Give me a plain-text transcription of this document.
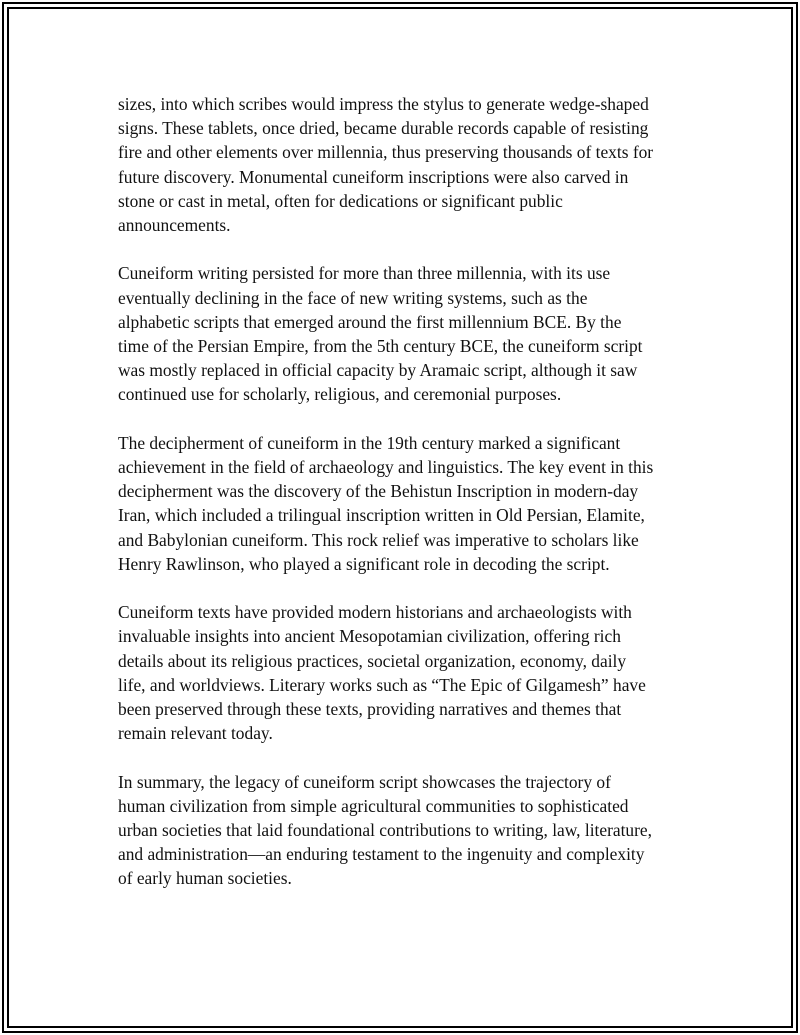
sizes, into which scribes would impress the stylus to generate wedge-shaped
signs. These tablets, once dried, became durable records capable of resisting
fire and other elements over millennia, thus preserving thousands of texts for
future discovery. Monumental cuneiform inscriptions were also carved in
stone or cast in metal, often for dedications or significant public
announcements.

Cuneiform writing persisted for more than three millennia, with its use
eventually declining in the face of new writing systems, such as the
alphabetic scripts that emerged around the first millennium BCE. By the
time of the Persian Empire, from the 5th century BCE, the cuneiform script
was mostly replaced in official capacity by Aramaic script, although it saw
continued use for scholarly, religious, and ceremonial purposes.

The decipherment of cuneiform in the 19th century marked a significant
achievement in the field of archaeology and linguistics. The key event in this
decipherment was the discovery of the Behistun Inscription in modern-day
Iran, which included a trilingual inscription written in Old Persian, Elamite,
and Babylonian cuneiform. This rock relief was imperative to scholars like
Henry Rawlinson, who played a significant role in decoding the script.

Cuneiform texts have provided modern historians and archaeologists with
invaluable insights into ancient Mesopotamian civilization, offering rich
details about its religious practices, societal organization, economy, daily
life, and worldviews. Literary works such as “The Epic of Gilgamesh” have
been preserved through these texts, providing narratives and themes that
remain relevant today.

In summary, the legacy of cuneiform script showcases the trajectory of
human civilization from simple agricultural communities to sophisticated
urban societies that laid foundational contributions to writing, law, literature,
and administration—an enduring testament to the ingenuity and complexity
of early human societies.
